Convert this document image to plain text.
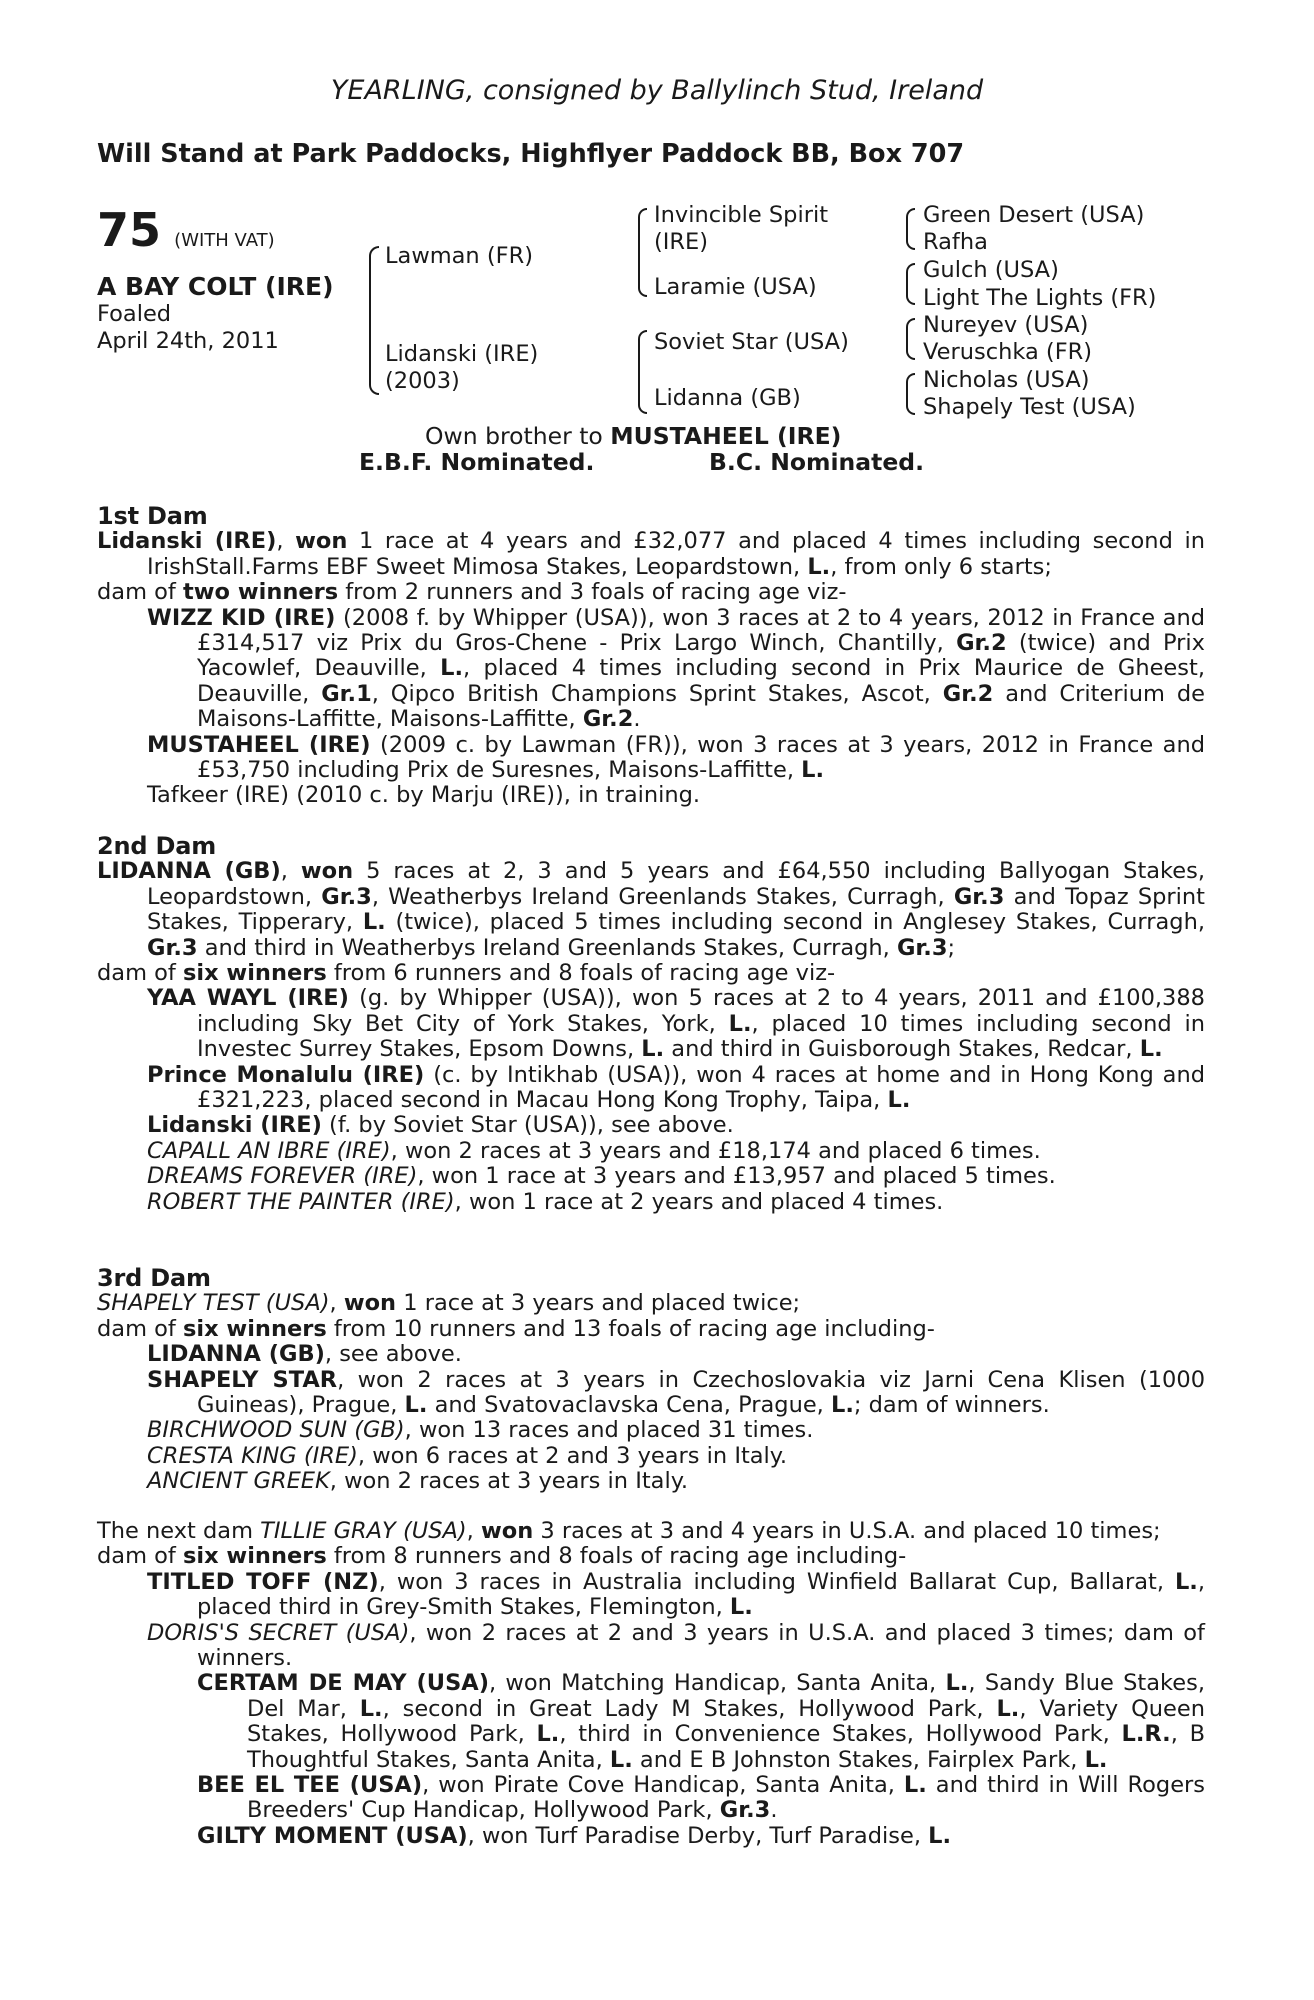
YEARLING, consigned by Ballylinch Stud, Ireland
Will Stand at Park Paddocks, Highflyer Paddock BB, Box 707
75 (WITH VAT)
A BAY COLT (IRE)
Foaled
April 24th, 2011
Lawman (FR)
Lidanski (IRE)
(2003)
Invincible Spirit
(IRE)
Laramie (USA)
Soviet Star (USA)
Lidanna (GB)
Green Desert (USA)
Rafha
Gulch (USA)
Light The Lights (FR)
Nureyev (USA)
Veruschka (FR)
Nicholas (USA)
Shapely Test (USA)
Own brother to MUSTAHEEL (IRE)
E.B.F. Nominated.	B.C. Nominated.
1st Dam
Lidanski (IRE), won 1 race at 4 years and £32,077 and placed 4 times including second in IrishStall.Farms EBF Sweet Mimosa Stakes, Leopardstown, L., from only 6 starts;
dam of two winners from 2 runners and 3 foals of racing age viz-
WIZZ KID (IRE) (2008 f. by Whipper (USA)), won 3 races at 2 to 4 years, 2012 in France and £314,517 viz Prix du Gros-Chene - Prix Largo Winch, Chantilly, Gr.2 (twice) and Prix Yacowlef, Deauville, L., placed 4 times including second in Prix Maurice de Gheest, Deauville, Gr.1, Qipco British Champions Sprint Stakes, Ascot, Gr.2 and Criterium de Maisons-Laffitte, Maisons-Laffitte, Gr.2.
MUSTAHEEL (IRE) (2009 c. by Lawman (FR)), won 3 races at 3 years, 2012 in France and £53,750 including Prix de Suresnes, Maisons-Laffitte, L.
Tafkeer (IRE) (2010 c. by Marju (IRE)), in training.
2nd Dam
LIDANNA (GB), won 5 races at 2, 3 and 5 years and £64,550 including Ballyogan Stakes, Leopardstown, Gr.3, Weatherbys Ireland Greenlands Stakes, Curragh, Gr.3 and Topaz Sprint Stakes, Tipperary, L. (twice), placed 5 times including second in Anglesey Stakes, Curragh, Gr.3 and third in Weatherbys Ireland Greenlands Stakes, Curragh, Gr.3;
dam of six winners from 6 runners and 8 foals of racing age viz-
YAA WAYL (IRE) (g. by Whipper (USA)), won 5 races at 2 to 4 years, 2011 and £100,388 including Sky Bet City of York Stakes, York, L., placed 10 times including second in Investec Surrey Stakes, Epsom Downs, L. and third in Guisborough Stakes, Redcar, L.
Prince Monalulu (IRE) (c. by Intikhab (USA)), won 4 races at home and in Hong Kong and £321,223, placed second in Macau Hong Kong Trophy, Taipa, L.
Lidanski (IRE) (f. by Soviet Star (USA)), see above.
CAPALL AN IBRE (IRE), won 2 races at 3 years and £18,174 and placed 6 times.
DREAMS FOREVER (IRE), won 1 race at 3 years and £13,957 and placed 5 times.
ROBERT THE PAINTER (IRE), won 1 race at 2 years and placed 4 times.
3rd Dam
SHAPELY TEST (USA), won 1 race at 3 years and placed twice;
dam of six winners from 10 runners and 13 foals of racing age including-
LIDANNA (GB), see above.
SHAPELY STAR, won 2 races at 3 years in Czechoslovakia viz Jarni Cena Klisen (1000 Guineas), Prague, L. and Svatovaclavska Cena, Prague, L.; dam of winners.
BIRCHWOOD SUN (GB), won 13 races and placed 31 times.
CRESTA KING (IRE), won 6 races at 2 and 3 years in Italy.
ANCIENT GREEK, won 2 races at 3 years in Italy.
The next dam TILLIE GRAY (USA), won 3 races at 3 and 4 years in U.S.A. and placed 10 times;
dam of six winners from 8 runners and 8 foals of racing age including-
TITLED TOFF (NZ), won 3 races in Australia including Winfield Ballarat Cup, Ballarat, L., placed third in Grey-Smith Stakes, Flemington, L.
DORIS'S SECRET (USA), won 2 races at 2 and 3 years in U.S.A. and placed 3 times; dam of winners.
CERTAM DE MAY (USA), won Matching Handicap, Santa Anita, L., Sandy Blue Stakes, Del Mar, L., second in Great Lady M Stakes, Hollywood Park, L., Variety Queen Stakes, Hollywood Park, L., third in Convenience Stakes, Hollywood Park, L.R., B Thoughtful Stakes, Santa Anita, L. and E B Johnston Stakes, Fairplex Park, L.
BEE EL TEE (USA), won Pirate Cove Handicap, Santa Anita, L. and third in Will Rogers Breeders' Cup Handicap, Hollywood Park, Gr.3.
GILTY MOMENT (USA), won Turf Paradise Derby, Turf Paradise, L.
